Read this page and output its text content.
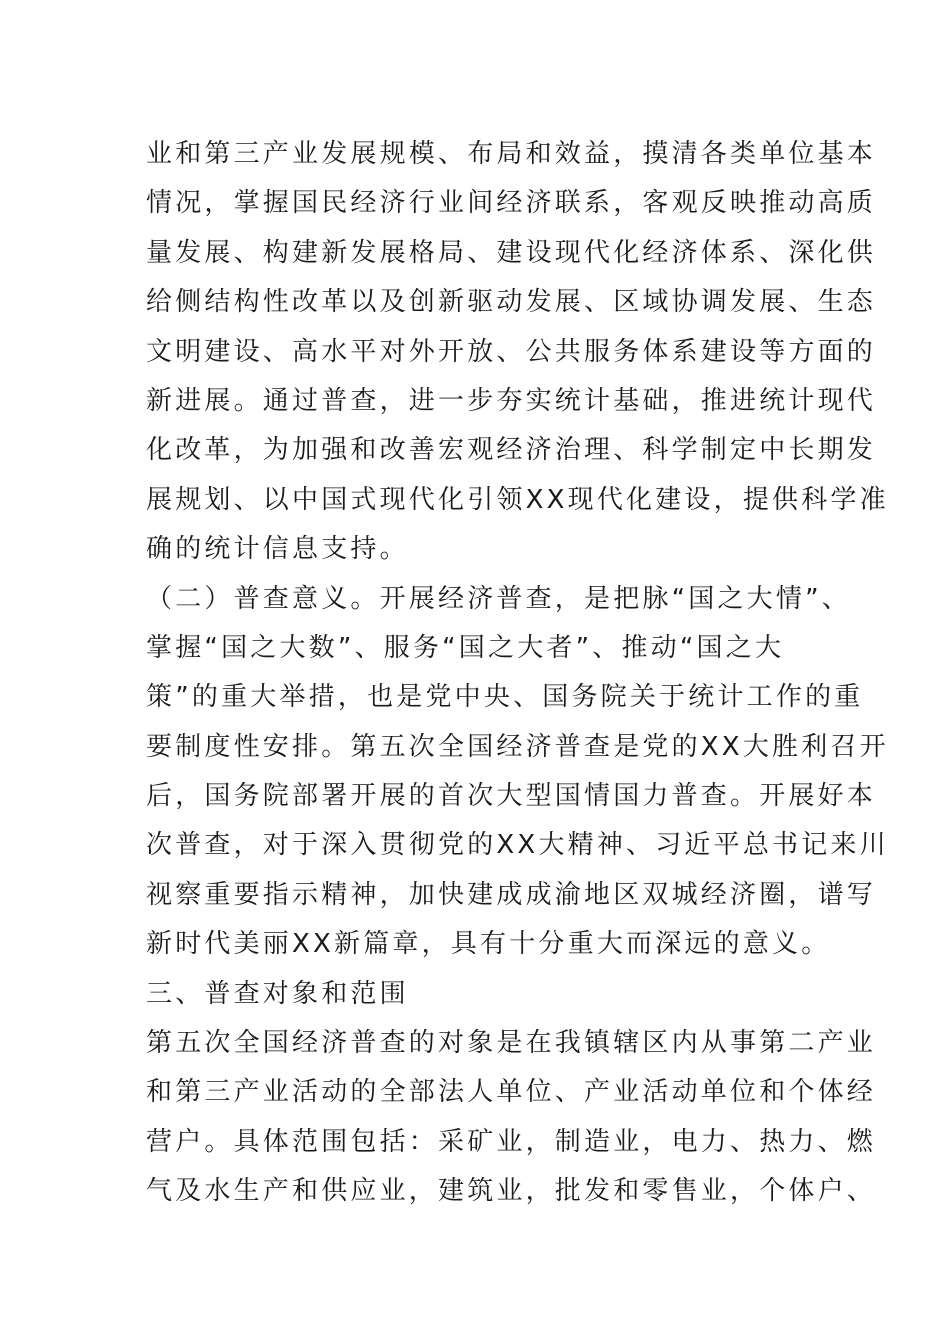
业和第三产业发展规模、布局和效益，摸清各类单位基本
情况，掌握国民经济行业间经济联系，客观反映推动高质
量发展、构建新发展格局、建设现代化经济体系、深化供
给侧结构性改革以及创新驱动发展、区域协调发展、生态
文明建设、高水平对外开放、公共服务体系建设等方面的
新进展。通过普查，进一步夯实统计基础，推进统计现代
化改革，为加强和改善宏观经济治理、科学制定中长期发
展规划、以中国式现代化引领XX现代化建设，提供科学准
确的统计信息支持。
（二）普查意义。开展经济普查，是把脉“国之大情”、
掌握“国之大数”、服务“国之大者”、推动“国之大
策”的重大举措，也是党中央、国务院关于统计工作的重
要制度性安排。第五次全国经济普查是党的XX大胜利召开
后，国务院部署开展的首次大型国情国力普查。开展好本
次普查，对于深入贯彻党的XX大精神、习近平总书记来川
视察重要指示精神，加快建成成渝地区双城经济圈，谱写
新时代美丽XX新篇章，具有十分重大而深远的意义。
三、普查对象和范围
第五次全国经济普查的对象是在我镇辖区内从事第二产业
和第三产业活动的全部法人单位、产业活动单位和个体经
营户。具体范围包括：采矿业，制造业，电力、热力、燃
气及水生产和供应业，建筑业，批发和零售业，个体户、
